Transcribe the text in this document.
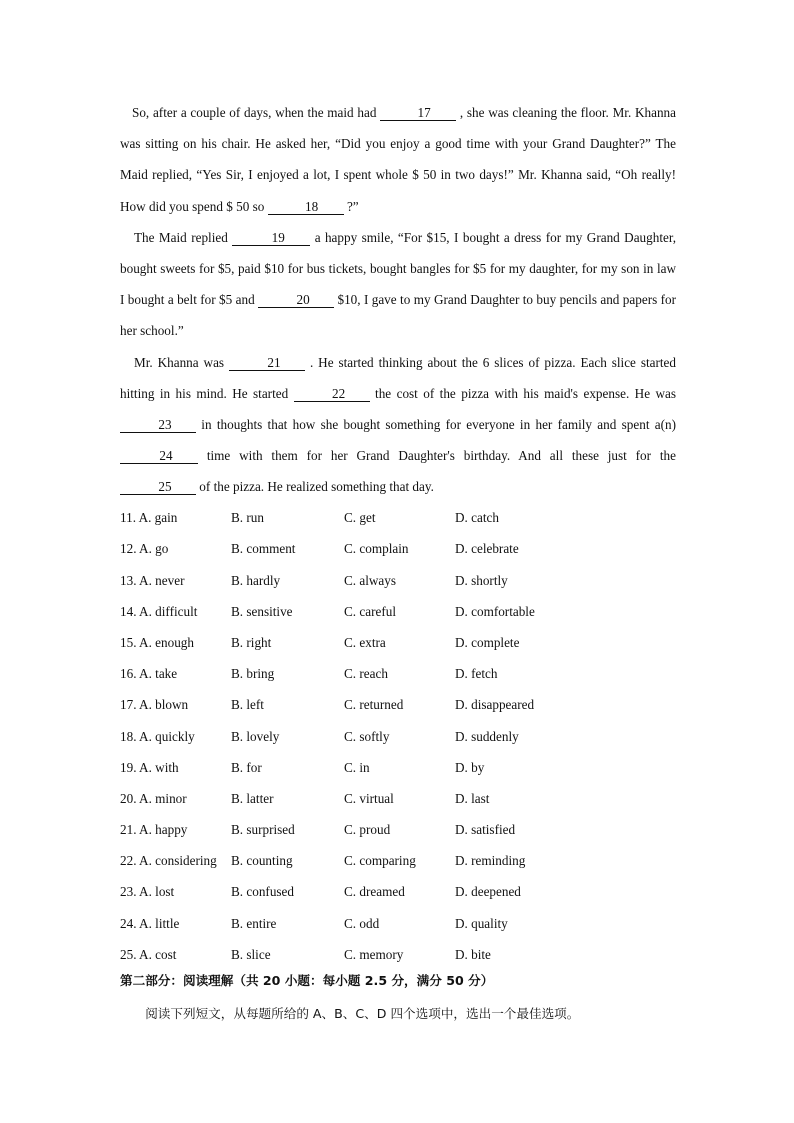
So, after a couple of days, when the maid had	17 , she was cleaning the floor. Mr. Khanna was sitting on his chair. He asked her, “Did you enjoy a good time with your Grand Daughter?” The Maid replied, “Yes Sir, I enjoyed a lot, I spent whole $ 50 in two days!” Mr. Khanna said, “Oh really! How did you spend $ 50 so	18 ?”

The Maid replied	19 a happy smile, “For $15, I bought a dress for my Grand Daughter, bought sweets for $5, paid $10 for bus tickets, bought bangles for $5 for my daughter, for my son in law I bought a belt for $5 and	20 $10, I gave to my Grand Daughter to buy pencils and papers for her school.”

Mr. Khanna was	21 . He started thinking about the 6 slices of pizza. Each slice started hitting in his mind. He started	22 the cost of the pizza with his maid's expense. He was 23 in thoughts that how she bought something for everyone in her family and spent a(n) 24	time with them for her Grand Daughter's birthday. And all these just for the 25 of the pizza. He realized something that day.

11. A. gain	B. run	C. get	D. catch
12. A. go	B. comment	C. complain	D. celebrate
13. A. never	B. hardly	C. always	D. shortly
14. A. difficult	B. sensitive	C. careful	D. comfortable
15. A. enough	B. right	C. extra	D. complete
16. A. take	B. bring	C. reach	D. fetch
17. A. blown	B. left	C. returned	D. disappeared
18. A. quickly	B. lovely	C. softly	D. suddenly
19. A. with	B. for	C. in	D. by
20. A. minor	B. latter	C. virtual	D. last
21. A. happy	B. surprised	C. proud	D. satisfied
22. A. considering	B. counting	C. comparing	D. reminding
23. A. lost	B. confused	C. dreamed	D. deepened
24. A. little	B. entire	C. odd	D. quality
25. A. cost	B. slice	C. memory	D. bite
第二部分：阅读理解（共 20 小题：每小题 2.5 分，满分 50 分）
阅读下列短文，从每题所给的 A、B、C、D 四个选项中，选出一个最佳选项。
